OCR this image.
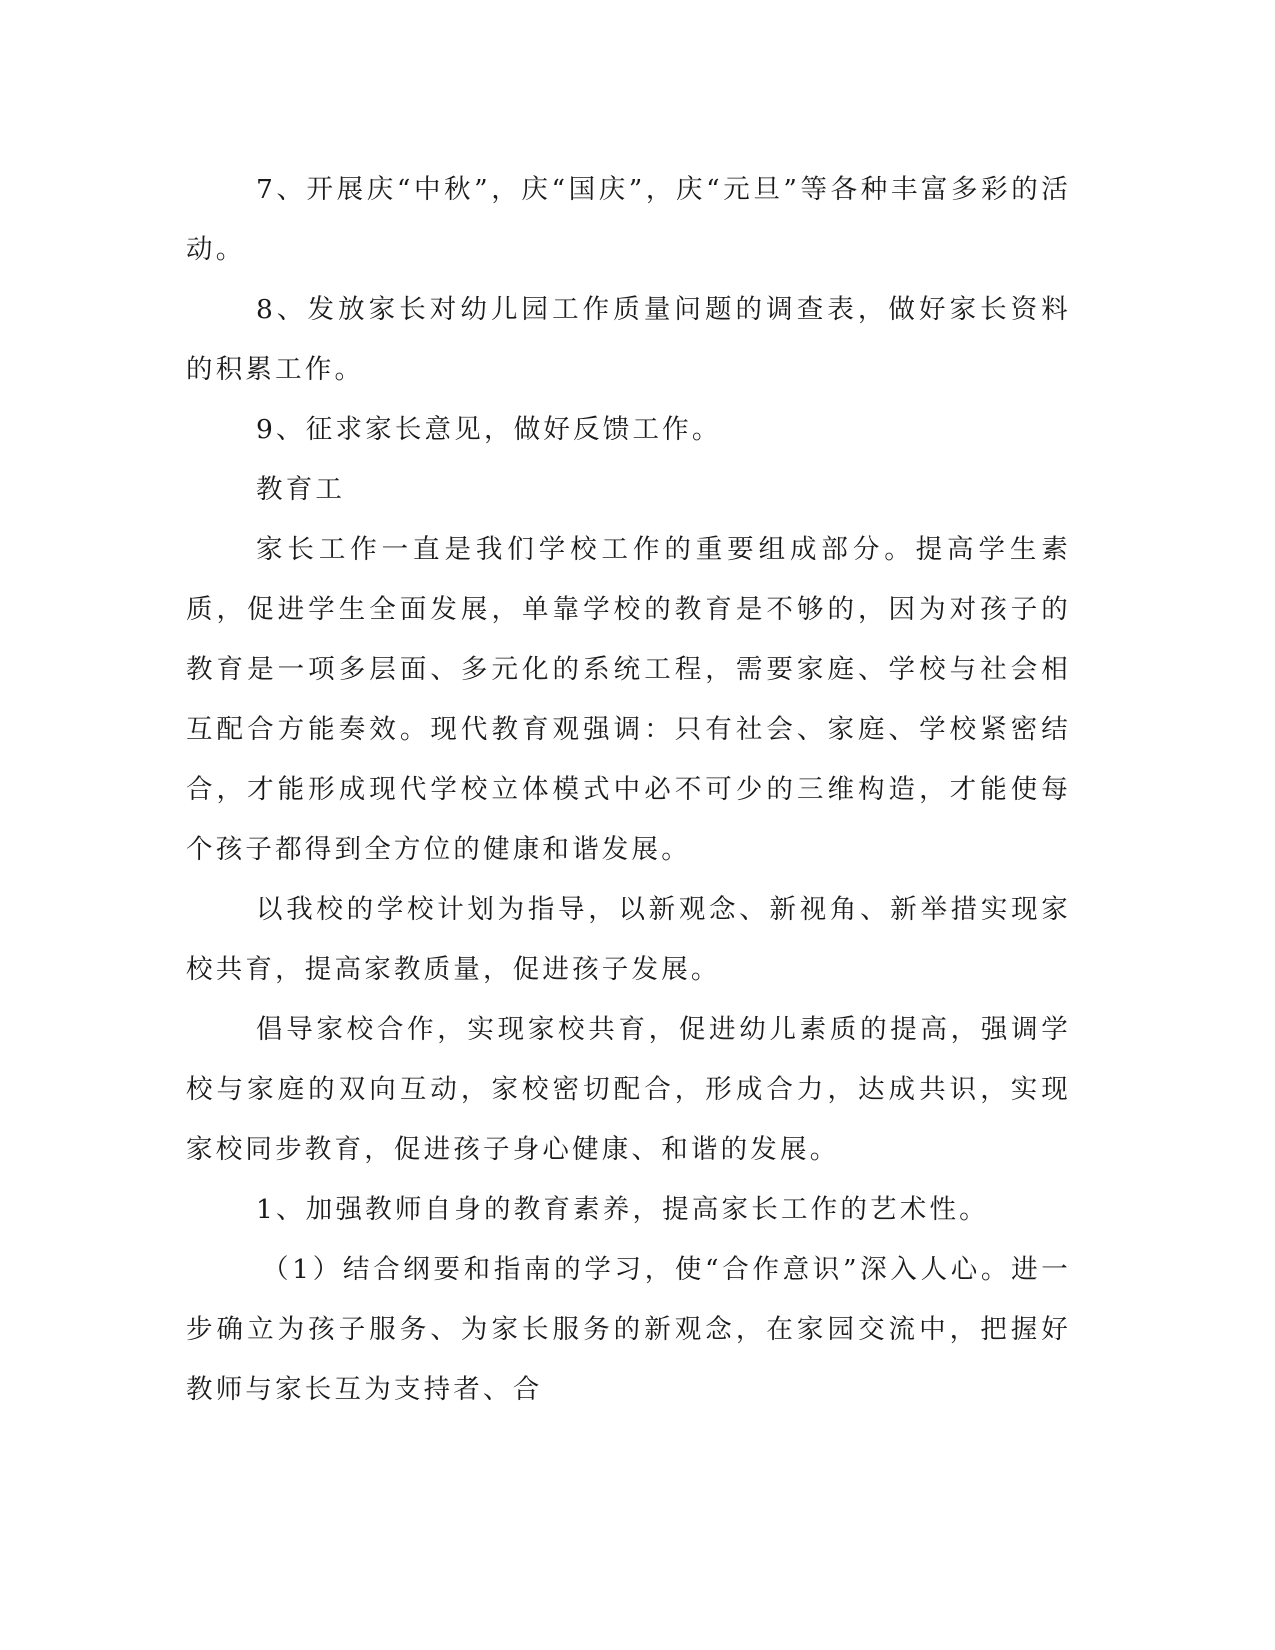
7、开展庆“中秋”，庆“国庆”，庆“元旦”等各种丰富多彩的活动。

8、发放家长对幼儿园工作质量问题的调查表，做好家长资料的积累工作。

9、征求家长意见，做好反馈工作。

教育工

家长工作一直是我们学校工作的重要组成部分。提高学生素质，促进学生全面发展，单靠学校的教育是不够的，因为对孩子的教育是一项多层面、多元化的系统工程，需要家庭、学校与社会相互配合方能奏效。现代教育观强调：只有社会、家庭、学校紧密结合，才能形成现代学校立体模式中必不可少的三维构造，才能使每个孩子都得到全方位的健康和谐发展。

以我校的学校计划为指导，以新观念、新视角、新举措实现家校共育，提高家教质量，促进孩子发展。

倡导家校合作，实现家校共育，促进幼儿素质的提高，强调学校与家庭的双向互动，家校密切配合，形成合力，达成共识，实现家校同步教育，促进孩子身心健康、和谐的发展。

1、加强教师自身的教育素养，提高家长工作的艺术性。

（1）结合纲要和指南的学习，使“合作意识”深入人心。进一步确立为孩子服务、为家长服务的新观念，在家园交流中，把握好教师与家长互为支持者、合
